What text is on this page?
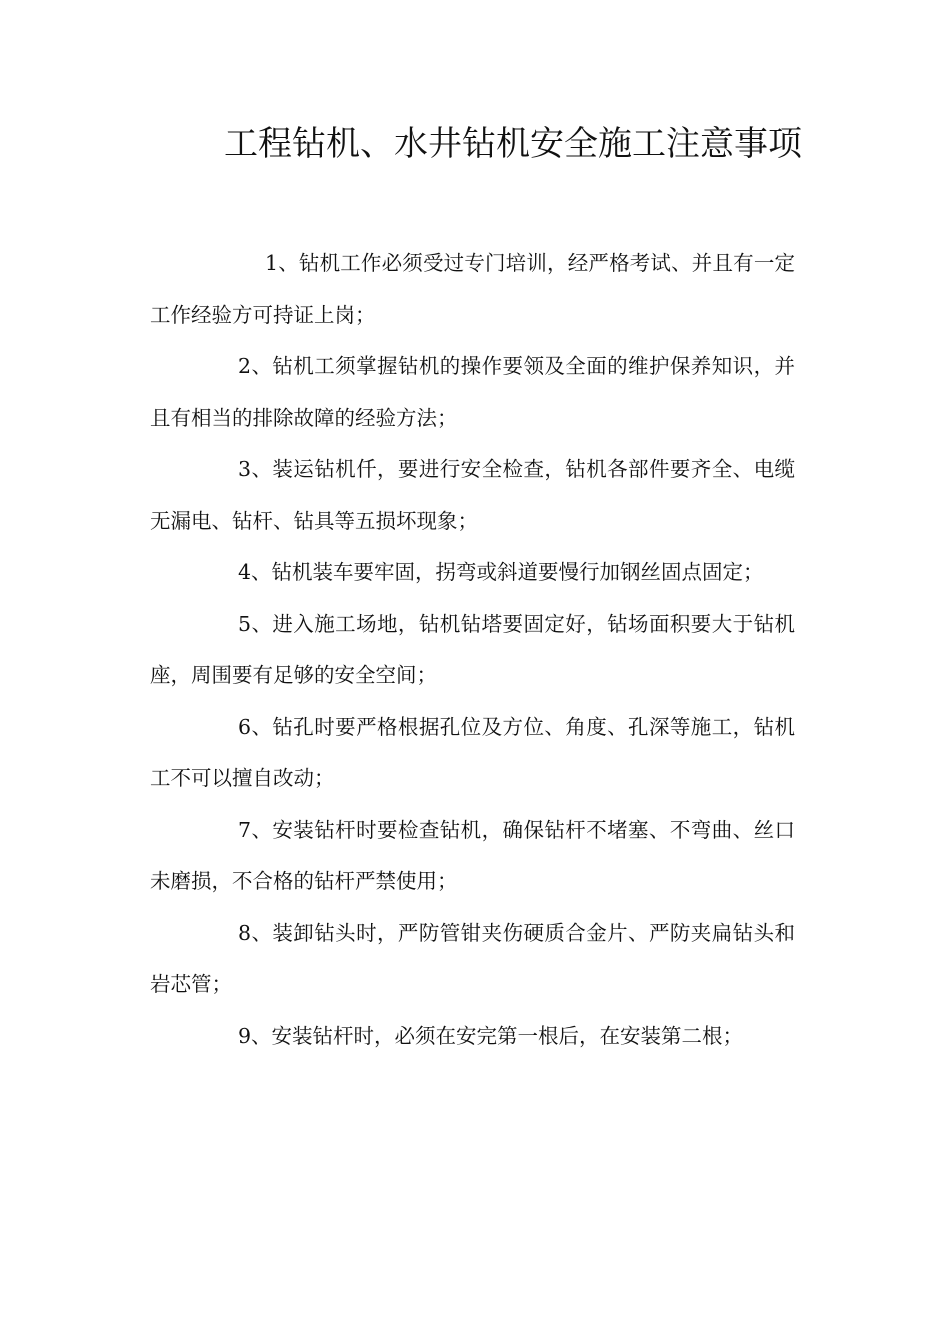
工程钻机、水井钻机安全施工注意事项

1、钻机工作必须受过专门培训，经严格考试、并且有一定工作经验方可持证上岗；

2、钻机工须掌握钻机的操作要领及全面的维护保养知识，并且有相当的排除故障的经验方法；

3、装运钻机仟，要进行安全检查，钻机各部件要齐全、电缆无漏电、钻杆、钻具等五损坏现象；

4、钻机装车要牢固，拐弯或斜道要慢行加钢丝固点固定；

5、进入施工场地，钻机钻塔要固定好，钻场面积要大于钻机座，周围要有足够的安全空间；

6、钻孔时要严格根据孔位及方位、角度、孔深等施工，钻机工不可以擅自改动；

7、安装钻杆时要检查钻机，确保钻杆不堵塞、不弯曲、丝口未磨损，不合格的钻杆严禁使用；

8、装卸钻头时，严防管钳夹伤硬质合金片、严防夹扁钻头和岩芯管；

9、安装钻杆时，必须在安完第一根后，在安装第二根；
